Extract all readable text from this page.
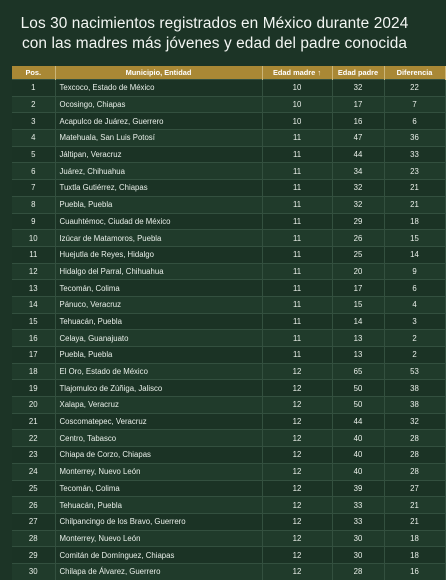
Los 30 nacimientos registrados en México durante 2024
con las madres más jóvenes y edad del padre conocida
Pos.	Municipio, Entidad	Edad madre ↑	Edad padre	Diferencia
1	Texcoco, Estado de México	10	32	22
2	Ocosingo, Chiapas	10	17	7
3	Acapulco de Juárez, Guerrero	10	16	6
4	Matehuala, San Luis Potosí	11	47	36
5	Jáltipan, Veracruz	11	44	33
6	Juárez, Chihuahua	11	34	23
7	Tuxtla Gutiérrez, Chiapas	11	32	21
8	Puebla, Puebla	11	32	21
9	Cuauhtémoc, Ciudad de México	11	29	18
10	Izúcar de Matamoros, Puebla	11	26	15
11	Huejutla de Reyes, Hidalgo	11	25	14
12	Hidalgo del Parral, Chihuahua	11	20	9
13	Tecomán, Colima	11	17	6
14	Pánuco, Veracruz	11	15	4
15	Tehuacán, Puebla	11	14	3
16	Celaya, Guanajuato	11	13	2
17	Puebla, Puebla	11	13	2
18	El Oro, Estado de México	12	65	53
19	Tlajomulco de Zúñiga, Jalisco	12	50	38
20	Xalapa, Veracruz	12	50	38
21	Coscomatepec, Veracruz	12	44	32
22	Centro, Tabasco	12	40	28
23	Chiapa de Corzo, Chiapas	12	40	28
24	Monterrey, Nuevo León	12	40	28
25	Tecomán, Colima	12	39	27
26	Tehuacán, Puebla	12	33	21
27	Chilpancingo de los Bravo, Guerrero	12	33	21
28	Monterrey, Nuevo León	12	30	18
29	Comitán de Domínguez, Chiapas	12	30	18
30	Chilapa de Álvarez, Guerrero	12	28	16
